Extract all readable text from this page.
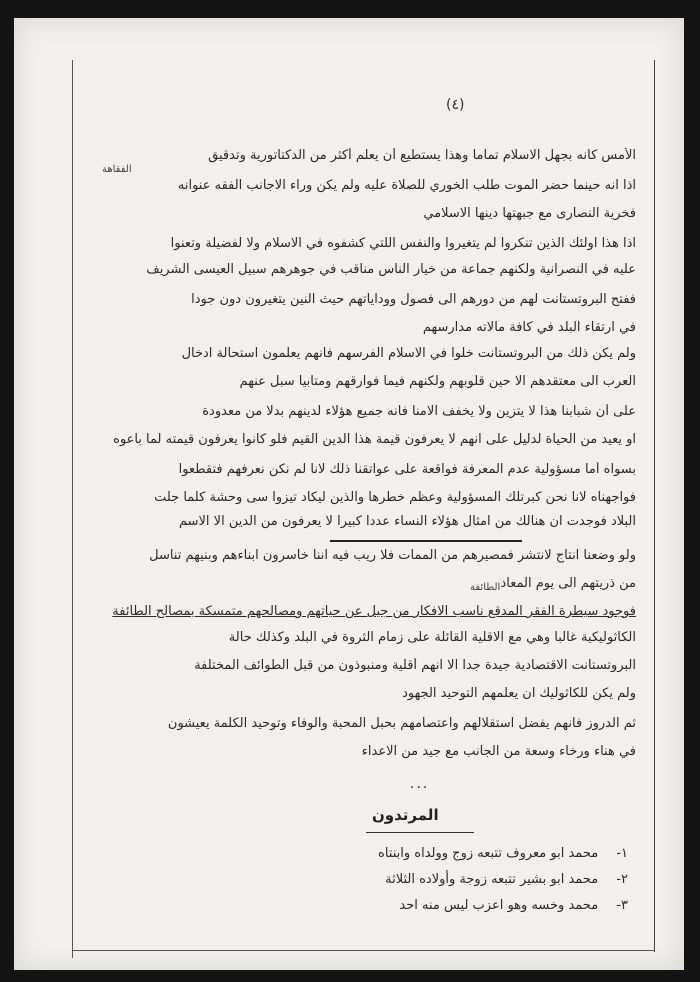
(٤)
الفقاهة
الطائفة
الأمس كأنه بجهل الاسلام تماما وهذا يستطيع أن يعلم أكثر من الدكتاتورية وتدقيق
اذا انه حينما حضر الموت طلب الخوري للصلاة عليه ولم يكن وراء الاجانب الفقه عنوانه
فخرية النصارى مع جبهتها دينها الاسلامي
اذا هذا اولئك الذين تنكروا لم يتغيروا والنفس اللتي كشفوه في الاسلام ولا لفضيلة وتعنوا
عليه في النصرانية ولكنهم جماعة من خيار الناس مناقب في جوهرهم سبيل العيسى الشريف
ففتح البروتستانت لهم من دورهم الى فصول ووداياتهم حيث النين يتغيرون دون جودا
في ارتقاء البلد في كافة مالاته مدارسهم
ولم يكن ذلك من البروتستانت خلوا في الاسلام الفرسهم فانهم يعلمون استحالة ادخال
العرب الى معتقدهم الا حين قلوبهم ولكنهم فيما فوارقهم ومتابيا سبل عنهم
على أن شبابنا هذا لا يتزين ولا يخفف آلامنا فانه جميع هؤلاء لدينهم بدلا من معدودة
او يعيد من الحياة لدليل على انهم لا يعرفون قيمة هذا الدين القيم فلو كانوا يعرفون قيمته لما باعوه
بسواه أما مسؤولية عدم المعرفة فواقعة على عواتقنا ذلك لانا لم نكن نعرفهم فتقطعوا
فواجهناه لانا نحن كبرتلك المسؤولية وعظم خطرها والذين ليكاد تيزوا سى وحشة كلما جلت
البلاد فوجدت ان هنالك من امثال هؤلاء النساء عددا كبيرا لا يعرفون من الدين الا الاسم
ولو وضعنا انتاج لانتشر فمصيرهم من الممات فلا ريب فيه اننا خاسرون ابناءهم وبنيهم تناسل
من ذريتهم الى يوم المعاد
فوجود سيطرة الفقر المدقع ناسب الافكار من جيل عن حياتهم ومصالحهم متمسكة بمصالح الطائفة
الكاثوليكية غالبا وهي مع الاقلية القائلة على زمام الثروة في البلد وكذلك حالة
البروتستانت الاقتصادية جيدة جدا الا انهم أقلية ومنبوذون من قبل الطوائف المختلفة
ولم يكن للكاثوليك ان يعلمهم التوحيد الجهود
ثم الدروز فانهم يفضل استقلالهم واعتصامهم بحبل المحبة والوفاء وتوحيد الكلمة يعيشون
في هناء ورخاء وسعة من الجانب مع جيد من الاعداء
...
المرتدون
١- محمد ابو معروف تتبعه زوج وولداه وابنتاه
٢- محمد ابو بشير تتبعه زوجة وأولاده الثلاثة
٣- محمد وخسه وهو اعزب ليس منه احد
